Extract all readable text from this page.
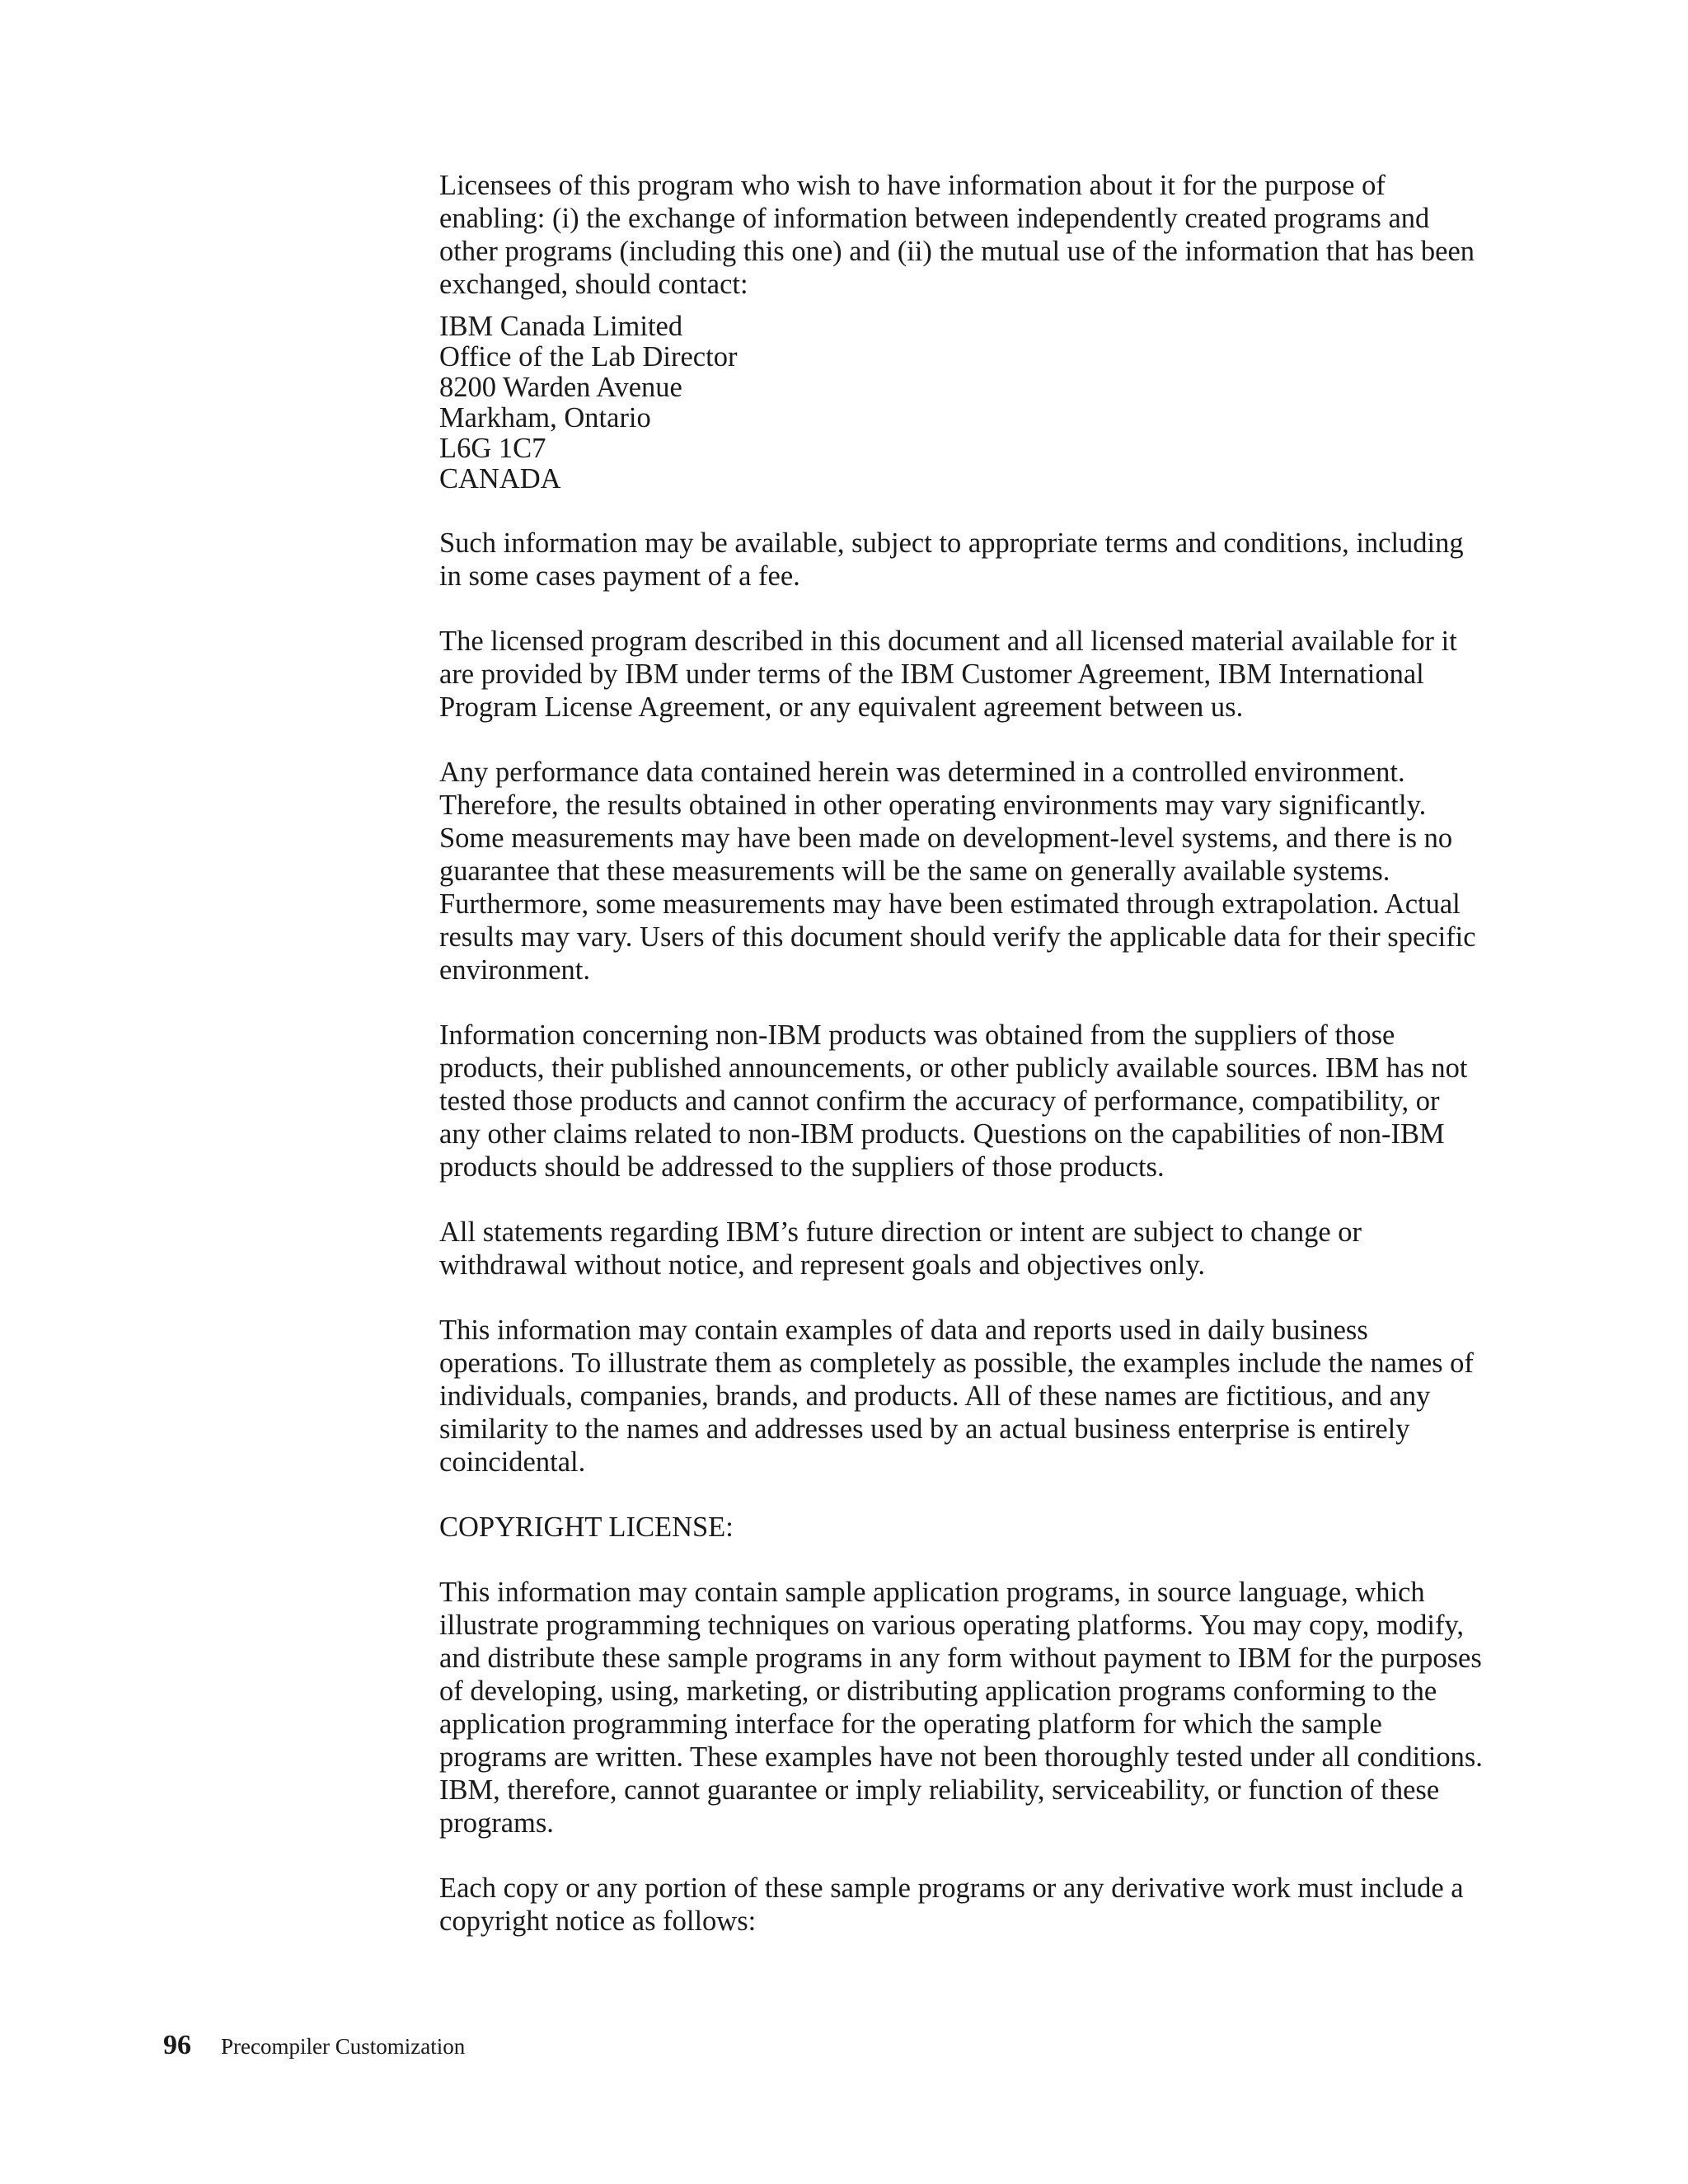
Licensees of this program who wish to have information about it for the purpose of enabling: (i) the exchange of information between independently created programs and other programs (including this one) and (ii) the mutual use of the information that has been exchanged, should contact:

IBM Canada Limited
Office of the Lab Director
8200 Warden Avenue
Markham, Ontario
L6G 1C7
CANADA

Such information may be available, subject to appropriate terms and conditions, including in some cases payment of a fee.

The licensed program described in this document and all licensed material available for it are provided by IBM under terms of the IBM Customer Agreement, IBM International Program License Agreement, or any equivalent agreement between us.

Any performance data contained herein was determined in a controlled environment. Therefore, the results obtained in other operating environments may vary significantly. Some measurements may have been made on development-level systems, and there is no guarantee that these measurements will be the same on generally available systems. Furthermore, some measurements may have been estimated through extrapolation. Actual results may vary. Users of this document should verify the applicable data for their specific environment.

Information concerning non-IBM products was obtained from the suppliers of those products, their published announcements, or other publicly available sources. IBM has not tested those products and cannot confirm the accuracy of performance, compatibility, or any other claims related to non-IBM products. Questions on the capabilities of non-IBM products should be addressed to the suppliers of those products.

All statements regarding IBM’s future direction or intent are subject to change or withdrawal without notice, and represent goals and objectives only.

This information may contain examples of data and reports used in daily business operations. To illustrate them as completely as possible, the examples include the names of individuals, companies, brands, and products. All of these names are fictitious, and any similarity to the names and addresses used by an actual business enterprise is entirely coincidental.

COPYRIGHT LICENSE:

This information may contain sample application programs, in source language, which illustrate programming techniques on various operating platforms. You may copy, modify, and distribute these sample programs in any form without payment to IBM for the purposes of developing, using, marketing, or distributing application programs conforming to the application programming interface for the operating platform for which the sample programs are written. These examples have not been thoroughly tested under all conditions. IBM, therefore, cannot guarantee or imply reliability, serviceability, or function of these programs.

Each copy or any portion of these sample programs or any derivative work must include a copyright notice as follows:

96 Precompiler Customization
